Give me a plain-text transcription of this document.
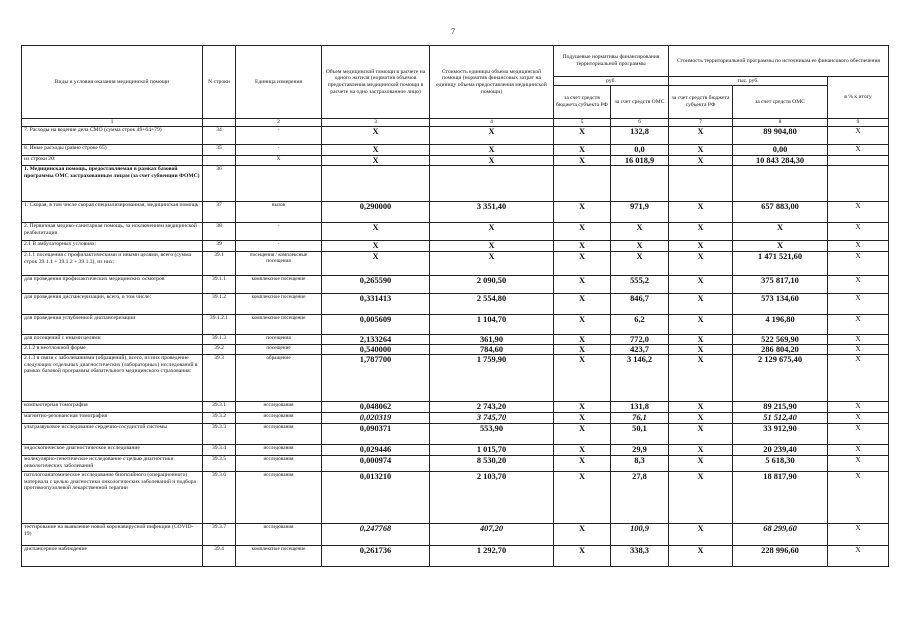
7
Виды и условия оказания медицинской помощи	N строки	Единица измерения	Объем медицинской помощи в расчете на одного жителя (норматив объемов предоставления медицинской помощи в расчете на одно застрахованное лицо)	Стоимость единицы объема медицинской помощи (норматив финансовых затрат на единицу объема предоставления медицинской помощи)	Подушевые нормативы финансирования территориальной программы		Стоимость территориальной программы по источникам ее финансового обеспечения		
					руб.		тыс. руб.		в % к итогу
					за счет средств бюджета субъекта РФ	за счет средств ОМС	за счет средств бюджета субъекта РФ	за счет средств ОМС	
1		2	3	4	5	6	7	8	9
7. Расходы на ведение дела СМО (сумма строк 49+64+79)	34	-	X	X	X	132,8	X	89 904,80	X
8. Иные расходы (равно строке 65)	35	-	X	X	X	0,0	X	0,00	X
из строки 20:		X	X	X	X	16 018,9	X	10 843 284,30	
1. Медицинская помощь, предоставляемая в рамках базовой программы ОМС застрахованным лицам (за счет субвенции ФОМС)	36								
1. Скорая, в том числе скорая специализированная, медицинская помощь	37	вызов	0,290000	3 351,40	X	971,9	X	657 883,00	X
2. Первичная медико-санитарная помощь, за исключением медицинской реабилитации	38	-	X	X	X	X	X	X	X
2.1 В амбулаторных условиях:	39	-	X	X	X	X	X	X	X
2.1.1 посещения с профилактическими и иными целями, всего (сумма строк 39.1.1 + 39.1.2 + 39.1.3), из них:	39.1	посещения / комплексные посещения	X	X	X	X	X	1 471 521,60	X
для проведения профилактических медицинских осмотров	39.1.1	комплексное посещение	0,265590	2 090,50	X	555,2	X	375 817,10	X
для проведения диспансеризации, всего, в том числе:	39.1.2	комплексное посещение	0,331413	2 554,80	X	846,7	X	573 134,60	X
для проведения углубленной диспансеризации	39.1.2.1	комплексное посещение	0,005609	1 104,70	X	6,2	X	4 196,80	X
для посещений с иными целями	39.1.3	посещения	2,133264	361,90	X	772,0	X	522 569,90	X
2.1.2 в неотложной форме	39.2	посещение	0,540000	784,60	X	423,7	X	286 804,20	X
2.1.3 в связи с заболеваниями (обращений), всего, из них проведение следующих отдельных диагностических (лабораторных) исследований в рамках базовой программы обязательного медицинского страхования:	39.3	обращение	1,787700	1 759,90	X	3 146,2	X	2 129 675,40	X
компьютерная томография	39.3.1	исследования	0,048062	2 743,20	X	131,8	X	89 215,90	X
магнитно-резонансная томография	39.3.2	исследования	0,020319	3 745,70	X	76,1	X	51 512,40	X
ультразвуковое исследование сердечно-сосудистой системы	39.3.3	исследования	0,090371	553,90	X	50,1	X	33 912,90	X
эндоскопическое диагностическое исследование	39.3.4	исследования	0,029446	1 015,70	X	29,9	X	20 239,40	X
молекулярно-генетическое исследование с целью диагностики онкологических заболеваний	39.3.5	исследования	0,000974	8 530,20	X	8,3	X	5 618,30	X
патологоанатомическое исследование биопсийного (операционного) материала с целью диагностики онкологических заболеваний и подбора противоопухолевой лекарственной терапии	39.3.6	исследования	0,013210	2 103,70	X	27,8	X	18 817,90	X
тестирование на выявление новой коронавирусной инфекции (COVID-19)	39.3.7	исследования	0,247768	407,20	X	100,9	X	68 299,60	X
диспансерное наблюдение	39.4	комплексное посещение	0,261736	1 292,70	X	338,3	X	228 996,60	X
